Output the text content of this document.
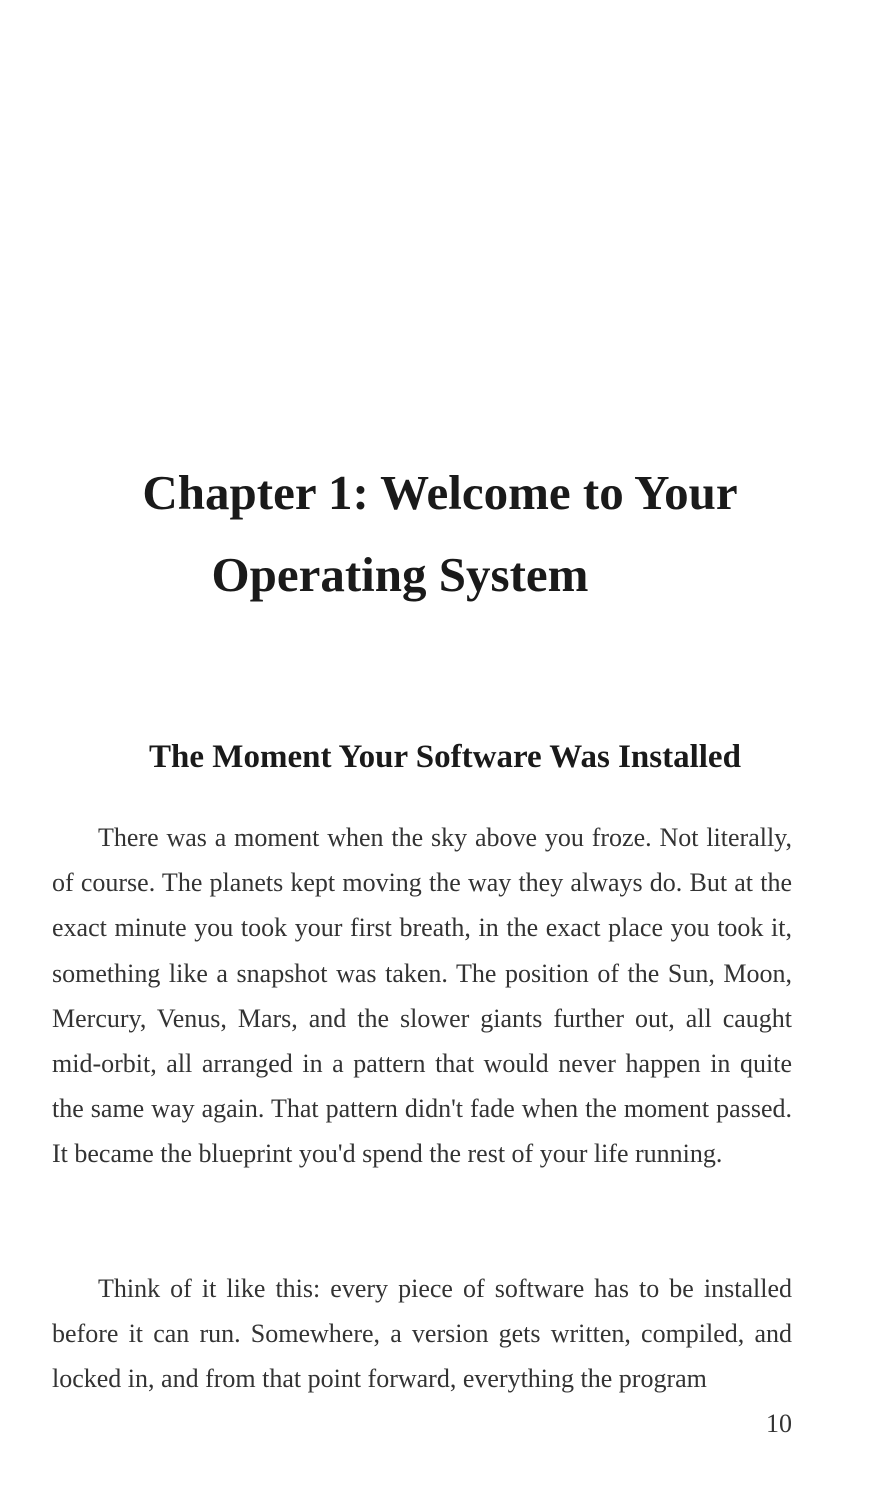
Chapter 1: Welcome to Your
Operating System
The Moment Your Software Was Installed

There was a moment when the sky above you froze. Not literally, of course. The planets kept moving the way they always do. But at the exact minute you took your first breath, in the exact place you took it, something like a snapshot was taken. The position of the Sun, Moon, Mercury, Venus, Mars, and the slower giants further out, all caught mid-orbit, all arranged in a pattern that would never happen in quite the same way again. That pattern didn't fade when the moment passed. It became the blueprint you'd spend the rest of your life running.

Think of it like this: every piece of software has to be installed before it can run. Somewhere, a version gets written, compiled, and locked in, and from that point forward, everything the program

10
